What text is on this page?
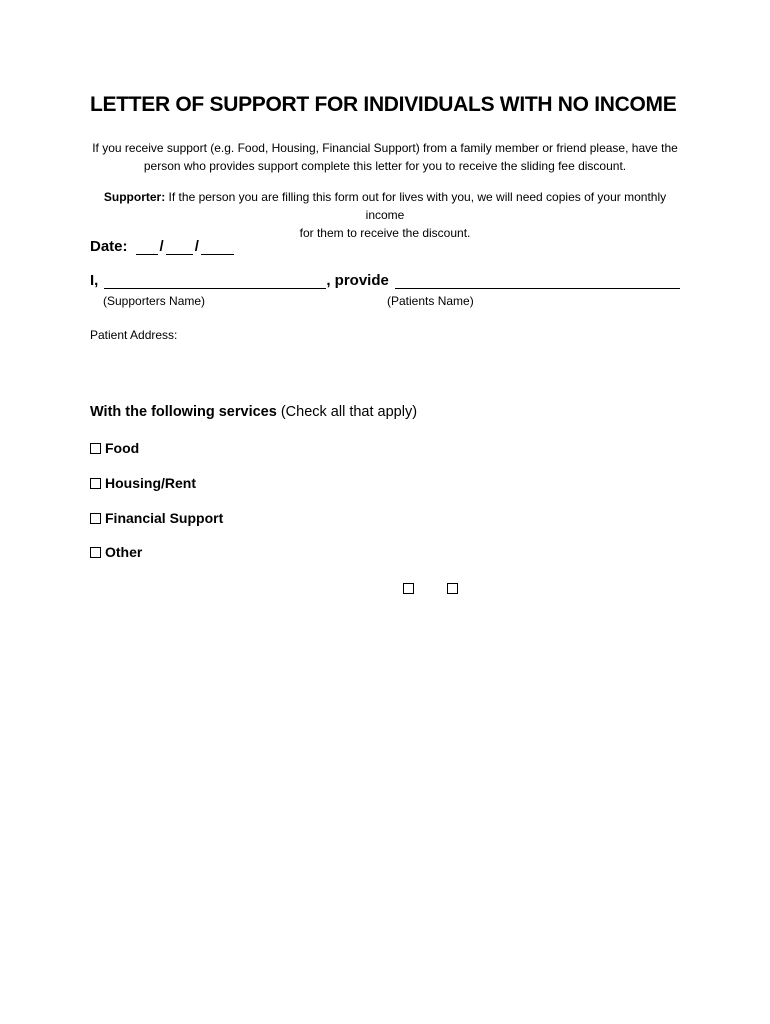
LETTER OF SUPPORT FOR INDIVIDUALS WITH NO INCOME
If you receive support (e.g. Food, Housing, Financial Support) from a family member or friend please, have the
person who provides support complete this letter for you to receive the sliding fee discount.
Supporter: If the person you are filling this form out for lives with you, we will need copies of your monthly income
for them to receive the discount.
Date: / /
I,	, provide
(Supporters Name)	(Patients Name)
Patient Address:
With the following services (Check all that apply)
Food
Housing/Rent
Financial Support
Other
